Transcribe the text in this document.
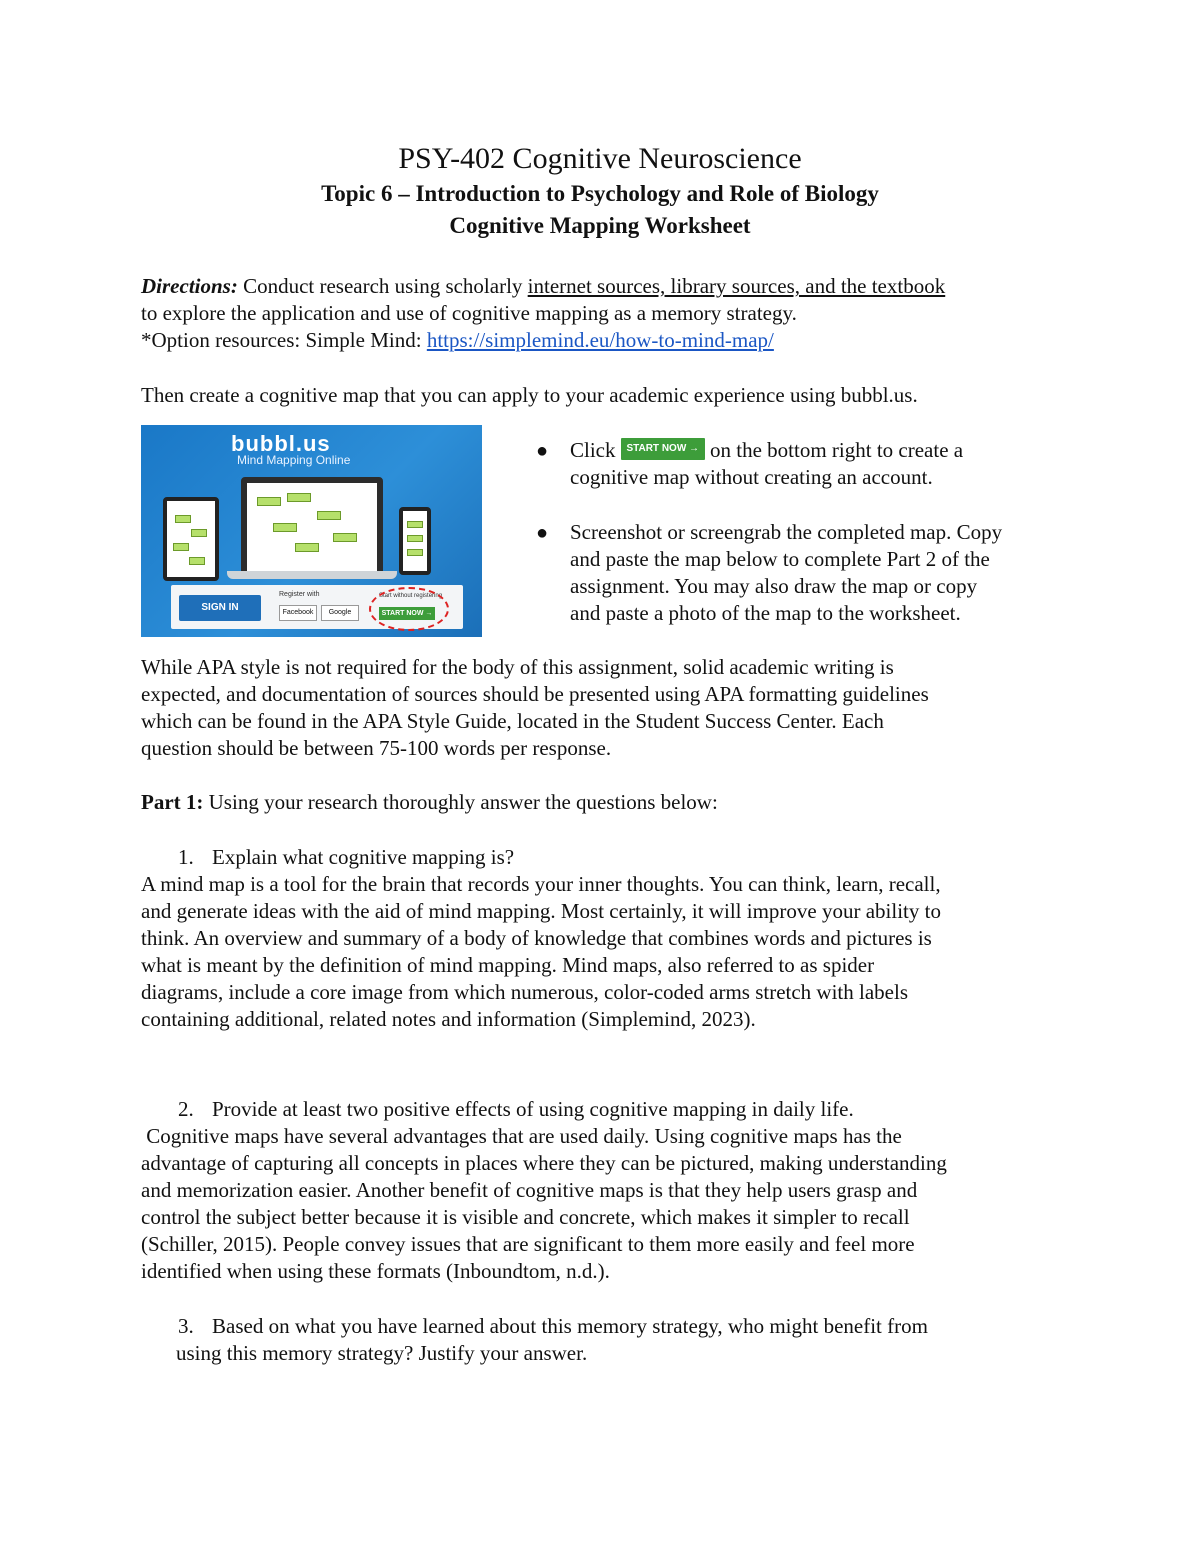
PSY-402 Cognitive Neuroscience
Topic 6 – Introduction to Psychology and Role of Biology
Cognitive Mapping Worksheet
Directions: Conduct research using scholarly internet sources, library sources, and the textbook
to explore the application and use of cognitive mapping as a memory strategy.
*Option resources: Simple Mind: https://simplemind.eu/how-to-mind-map/
Then create a cognitive map that you can apply to your academic experience using bubbl.us.
bubbl.us
Mind Mapping Online
SIGN IN
Register with
Facebook	Google
Start without registering
START NOW →
● Click START NOW → on the bottom right to create a
cognitive map without creating an account.
● Screenshot or screengrab the completed map. Copy
and paste the map below to complete Part 2 of the
assignment. You may also draw the map or copy
and paste a photo of the map to the worksheet.
While APA style is not required for the body of this assignment, solid academic writing is
expected, and documentation of sources should be presented using APA formatting guidelines
which can be found in the APA Style Guide, located in the Student Success Center. Each
question should be between 75-100 words per response.
Part 1: Using your research thoroughly answer the questions below:
1. Explain what cognitive mapping is?
A mind map is a tool for the brain that records your inner thoughts. You can think, learn, recall,
and generate ideas with the aid of mind mapping. Most certainly, it will improve your ability to
think. An overview and summary of a body of knowledge that combines words and pictures is
what is meant by the definition of mind mapping. Mind maps, also referred to as spider
diagrams, include a core image from which numerous, color-coded arms stretch with labels
containing additional, related notes and information (Simplemind, 2023).
2. Provide at least two positive effects of using cognitive mapping in daily life.
Cognitive maps have several advantages that are used daily. Using cognitive maps has the
advantage of capturing all concepts in places where they can be pictured, making understanding
and memorization easier. Another benefit of cognitive maps is that they help users grasp and
control the subject better because it is visible and concrete, which makes it simpler to recall
(Schiller, 2015). People convey issues that are significant to them more easily and feel more
identified when using these formats (Inboundtom, n.d.).
3. Based on what you have learned about this memory strategy, who might benefit from
using this memory strategy? Justify your answer.
